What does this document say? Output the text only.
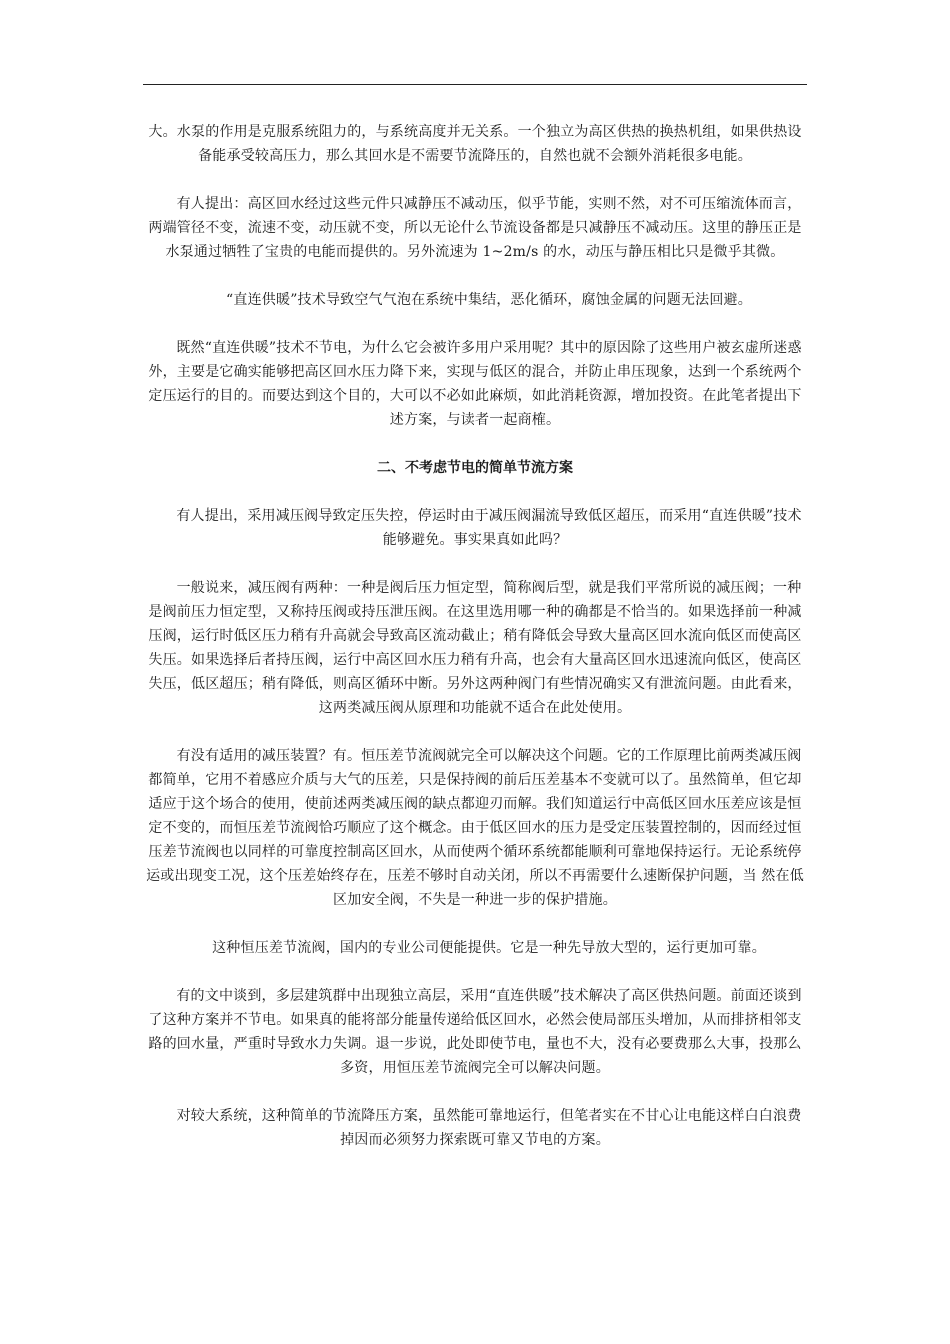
大。水泵的作用是克服系统阻力的，与系统高度并无关系。一个独立为高区供热的换热机组，如果供热设备能承受较高压力，那么其回水是不需要节流降压的，自然也就不会额外消耗很多电能。

有人提出：高区回水经过这些元件只减静压不减动压，似乎节能，实则不然，对不可压缩流体而言，两端管径不变，流速不变，动压就不变，所以无论什么节流设备都是只减静压不减动压。这里的静压正是水泵通过牺牲了宝贵的电能而提供的。另外流速为 1~2m/s 的水，动压与静压相比只是微乎其微。

“直连供暖”技术导致空气气泡在系统中集结，恶化循环，腐蚀金属的问题无法回避。

既然“直连供暖”技术不节电，为什么它会被许多用户采用呢？其中的原因除了这些用户被玄虚所迷惑外，主要是它确实能够把高区回水压力降下来，实现与低区的混合，并防止串压现象，达到一个系统两个定压运行的目的。而要达到这个目的，大可以不必如此麻烦，如此消耗资源，增加投资。在此笔者提出下述方案，与读者一起商榷。

二、不考虑节电的简单节流方案

有人提出，采用减压阀导致定压失控，停运时由于减压阀漏流导致低区超压，而采用“直连供暖”技术能够避免。事实果真如此吗？

一般说来，减压阀有两种：一种是阀后压力恒定型，简称阀后型，就是我们平常所说的减压阀；一种是阀前压力恒定型，又称持压阀或持压泄压阀。在这里选用哪一种的确都是不恰当的。如果选择前一种减压阀，运行时低区压力稍有升高就会导致高区流动截止；稍有降低会导致大量高区回水流向低区而使高区失压。如果选择后者持压阀，运行中高区回水压力稍有升高，也会有大量高区回水迅速流向低区，使高区失压，低区超压；稍有降低，则高区循环中断。另外这两种阀门有些情况确实又有泄流问题。由此看来，这两类减压阀从原理和功能就不适合在此处使用。

有没有适用的减压装置？有。恒压差节流阀就完全可以解决这个问题。它的工作原理比前两类减压阀都简单，它用不着感应介质与大气的压差，只是保持阀的前后压差基本不变就可以了。虽然简单，但它却适应于这个场合的使用，使前述两类减压阀的缺点都迎刃而解。我们知道运行中高低区回水压差应该是恒定不变的，而恒压差节流阀恰巧顺应了这个概念。由于低区回水的压力是受定压装置控制的，因而经过恒压差节流阀也以同样的可靠度控制高区回水，从而使两个循环系统都能顺利可靠地保持运行。无论系统停运或出现变工况，这个压差始终存在，压差不够时自动关闭，所以不再需要什么速断保护问题，当 然在低区加安全阀，不失是一种进一步的保护措施。

这种恒压差节流阀，国内的专业公司便能提供。它是一种先导放大型的，运行更加可靠。

有的文中谈到，多层建筑群中出现独立高层，采用“直连供暖”技术解决了高区供热问题。前面还谈到了这种方案并不节电。如果真的能将部分能量传递给低区回水，必然会使局部压头增加，从而排挤相邻支路的回水量，严重时导致水力失调。退一步说，此处即使节电，量也不大，没有必要费那么大事，投那么多资，用恒压差节流阀完全可以解决问题。

对较大系统，这种简单的节流降压方案，虽然能可靠地运行，但笔者实在不甘心让电能这样白白浪费掉因而必须努力探索既可靠又节电的方案。
